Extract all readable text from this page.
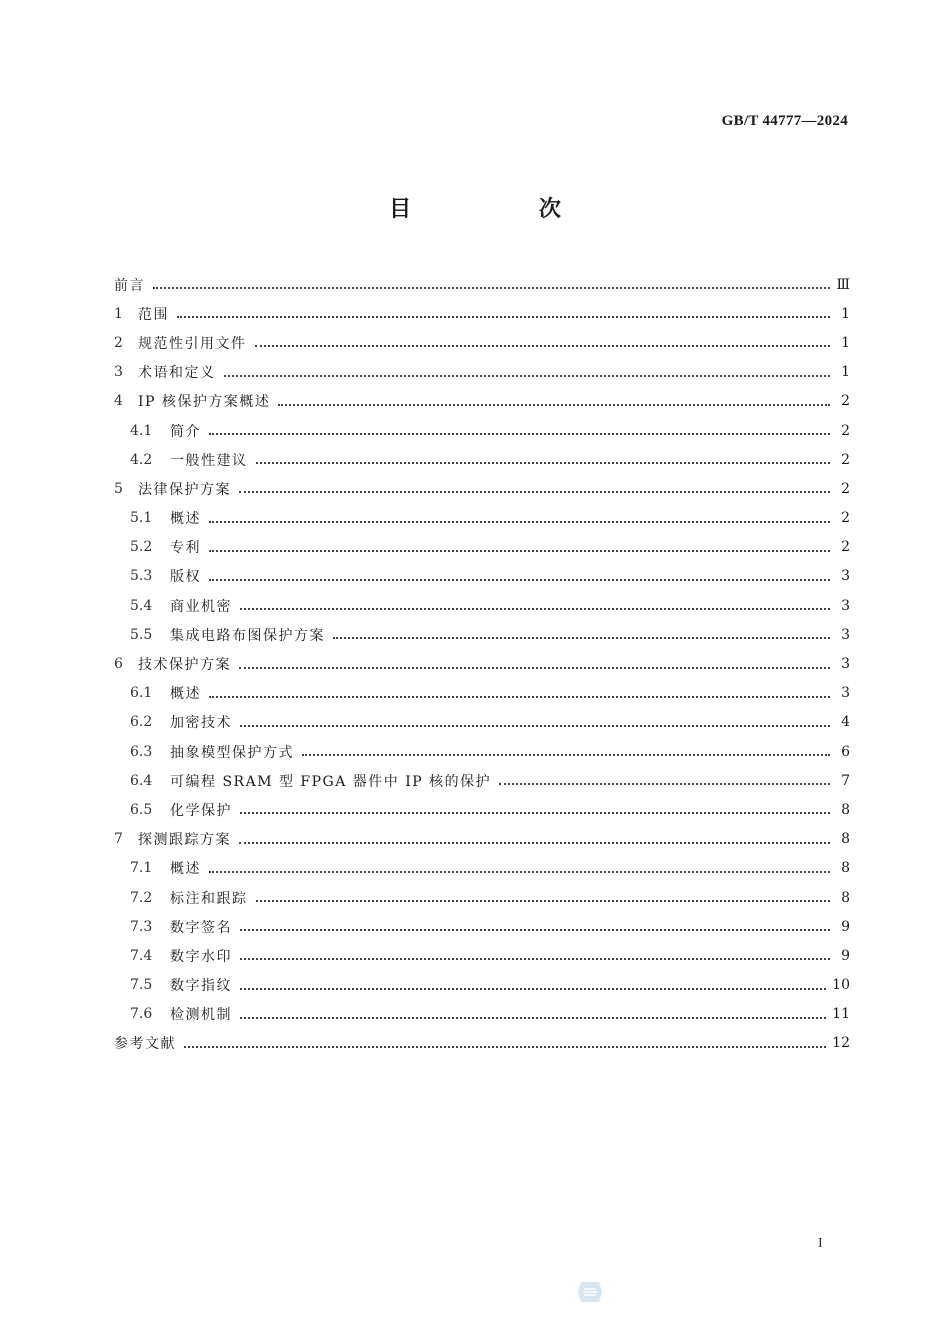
GB/T 44777—2024
目 次
前言	Ⅲ
1	范围	1
2	规范性引用文件	1
3	术语和定义	1
4	IP 核保护方案概述	2
4.1	简介	2
4.2	一般性建议	2
5	法律保护方案	2
5.1	概述	2
5.2	专利	2
5.3	版权	3
5.4	商业机密	3
5.5	集成电路布图保护方案	3
6	技术保护方案	3
6.1	概述	3
6.2	加密技术	4
6.3	抽象模型保护方式	6
6.4	可编程 SRAM 型 FPGA 器件中 IP 核的保护	7
6.5	化学保护	8
7	探测跟踪方案	8
7.1	概述	8
7.2	标注和跟踪	8
7.3	数字签名	9
7.4	数字水印	9
7.5	数字指纹	10
7.6	检测机制	11
参考文献	12
I
